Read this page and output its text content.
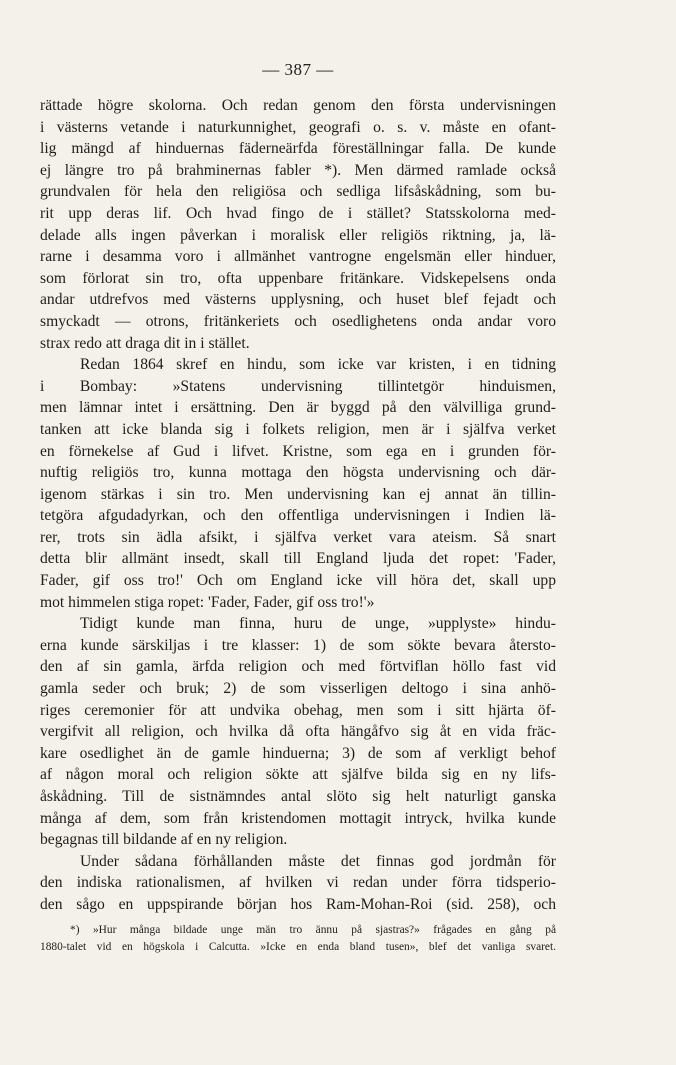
— 387 —
rättade högre skolorna. Och redan genom den första undervisningen
i västerns vetande i naturkunnighet, geografi o. s. v. måste en ofant-
lig mängd af hinduernas fäderneärfda föreställningar falla. De kunde
ej längre tro på brahminernas fabler *). Men därmed ramlade också
grundvalen för hela den religiösa och sedliga lifsåskådning, som bu-
rit upp deras lif. Och hvad fingo de i stället? Statsskolorna med-
delade alls ingen påverkan i moralisk eller religiös riktning, ja, lä-
rarne i desamma voro i allmänhet vantrogne engelsmän eller hinduer,
som förlorat sin tro, ofta uppenbare fritänkare. Vidskepelsens onda
andar utdrefvos med västerns upplysning, och huset blef fejadt och
smyckadt — otrons, fritänkeriets och osedlighetens onda andar voro
strax redo att draga dit in i stället.
Redan 1864 skref en hindu, som icke var kristen, i en tidning
i Bombay: »Statens undervisning tillintetgör hinduismen,
men lämnar intet i ersättning. Den är byggd på den välvilliga grund-
tanken att icke blanda sig i folkets religion, men är i själfva verket
en förnekelse af Gud i lifvet. Kristne, som ega en i grunden för-
nuftig religiös tro, kunna mottaga den högsta undervisning och där-
igenom stärkas i sin tro. Men undervisning kan ej annat än tillin-
tetgöra afgudadyrkan, och den offentliga undervisningen i Indien lä-
rer, trots sin ädla afsikt, i själfva verket vara ateism. Så snart
detta blir allmänt insedt, skall till England ljuda det ropet: 'Fader,
Fader, gif oss tro!' Och om England icke vill höra det, skall upp
mot himmelen stiga ropet: 'Fader, Fader, gif oss tro!'»
Tidigt kunde man finna, huru de unge, »upplyste» hindu-
erna kunde särskiljas i tre klasser: 1) de som sökte bevara återsto-
den af sin gamla, ärfda religion och med förtviflan höllo fast vid
gamla seder och bruk; 2) de som visserligen deltogo i sina anhö-
riges ceremonier för att undvika obehag, men som i sitt hjärta öf-
vergifvit all religion, och hvilka då ofta hängåfvo sig åt en vida fräc-
kare osedlighet än de gamle hinduerna; 3) de som af verkligt behof
af någon moral och religion sökte att själfve bilda sig en ny lifs-
åskådning. Till de sistnämndes antal slöto sig helt naturligt ganska
många af dem, som från kristendomen mottagit intryck, hvilka kunde
begagnas till bildande af en ny religion.
Under sådana förhållanden måste det finnas god jordmån för
den indiska rationalismen, af hvilken vi redan under förra tidsperio-
den sågo en uppspirande början hos Ram-Mohan-Roi (sid. 258), och
*) »Hur många bildade unge män tro ännu på sjastras?» frågades en gång på
1880-talet vid en högskola i Calcutta. »Icke en enda bland tusen», blef det vanliga svaret.
